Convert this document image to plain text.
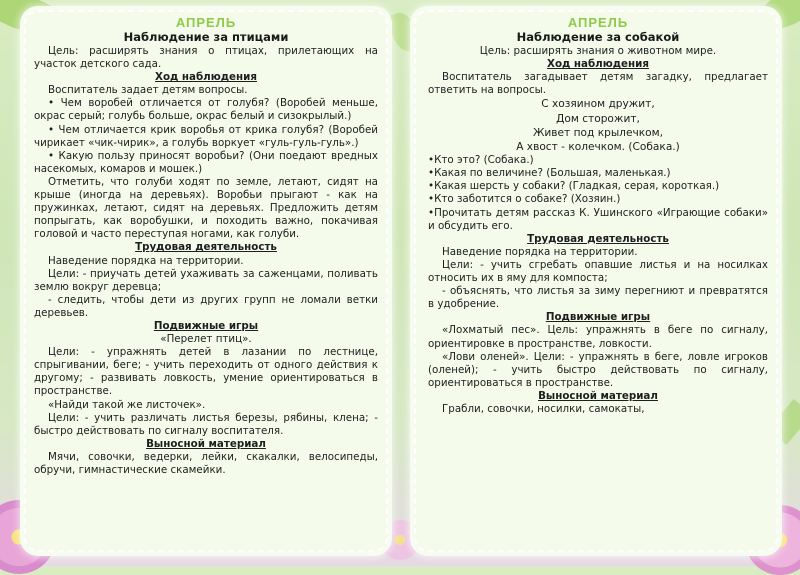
АПРЕЛЬ
Наблюдение за птицами

Цель: расширять знания о птицах, прилетающих на участок детского сада.

Ход наблюдения

Воспитатель задает детям вопросы.

• Чем воробей отличается от голубя? (Воробей меньше, окрас серый; голубь больше, окрас белый и сизокрылый.)

• Чем отличается крик воробья от крика голубя? (Воробей чирикает «чик-чирик», а голубь воркует «гуль-гуль-гуль».)

• Какую пользу приносят воробьи? (Они поедают вредных насекомых, комаров и мошек.)

Отметить, что голуби ходят по земле, летают, сидят на крыше (иногда на деревьях). Воробьи прыгают - как на пружинках, летают, сидят на деревьях. Предложить детям попрыгать, как воробушки, и походить важно, покачивая головой и часто переступая ногами, как голуби.

Трудовая деятельность

Наведение порядка на территории.

Цели: - приучать детей ухаживать за саженцами, поливать землю вокруг деревца;

- следить, чтобы дети из других групп не ломали ветки деревьев.

Подвижные игры

«Перелет птиц».

Цели: - упражнять детей в лазании по лестнице, спрыгивании, беге; - учить переходить от одного действия к другому; - развивать ловкость, умение ориентироваться в пространстве.

«Найди такой же листочек».

Цели: - учить различать листья березы, рябины, клена; - быстро действовать по сигналу воспитателя.

Выносной материал

Мячи, совочки, ведерки, лейки, скакалки, велосипеды, обручи, гимнастические скамейки.

АПРЕЛЬ
Наблюдение за собакой

Цель: расширять знания о животном мире.

Ход наблюдения

Воспитатель загадывает детям загадку, предлагает ответить на вопросы.

С хозяином дружит,
Дом сторожит,
Живет под крылечком,
А хвост - колечком. (Собака.)

•Кто это? (Собака.)

•Какая по величине? (Большая, маленькая.)

•Какая шерсть у собаки? (Гладкая, серая, короткая.)

•Кто заботится о собаке? (Хозяин.)

•Прочитать детям рассказ К. Ушинского «Играющие собаки» и обсудить его.

Трудовая деятельность

Наведение порядка на территории.

Цели: - учить сгребать опавшие листья и на носилках относить их в яму для компоста;

- объяснять, что листья за зиму перегниют и превратятся в удобрение.

Подвижные игры

«Лохматый пес». Цель: упражнять в беге по сигналу, ориентировке в пространстве, ловкости.

«Лови оленей». Цели: - упражнять в беге, ловле игроков (оленей); - учить быстро действовать по сигналу, ориентироваться в пространстве.

Выносной материал

Грабли, совочки, носилки, самокаты,
